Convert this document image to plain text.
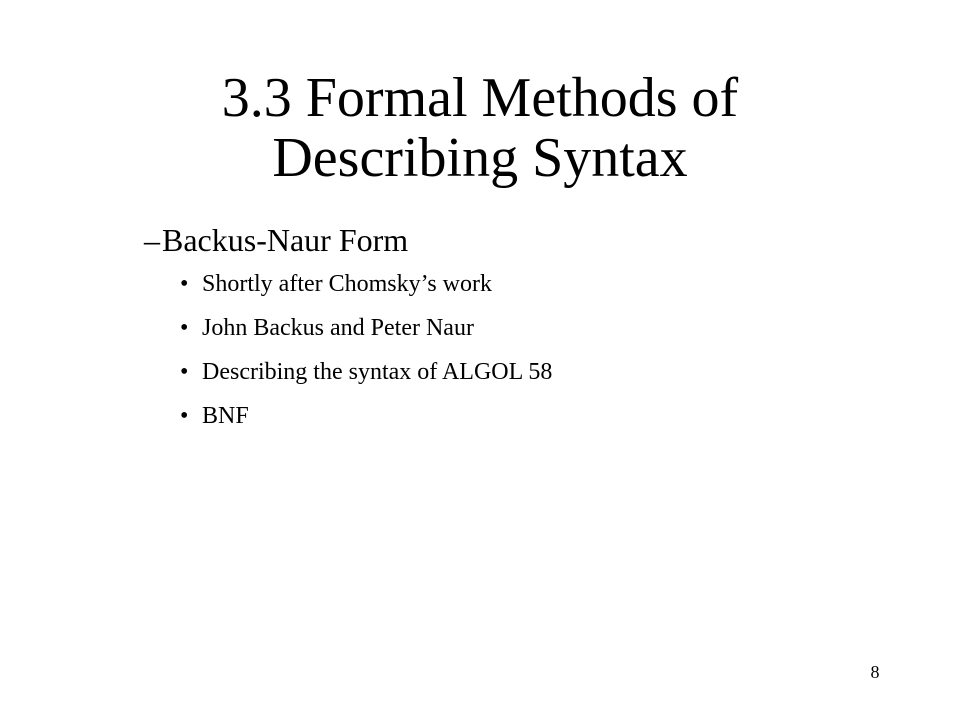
3.3 Formal Methods of
Describing Syntax
–Backus-Naur Form
• Shortly after Chomsky’s work
• John Backus and Peter Naur
• Describing the syntax of ALGOL 58
• BNF
8
